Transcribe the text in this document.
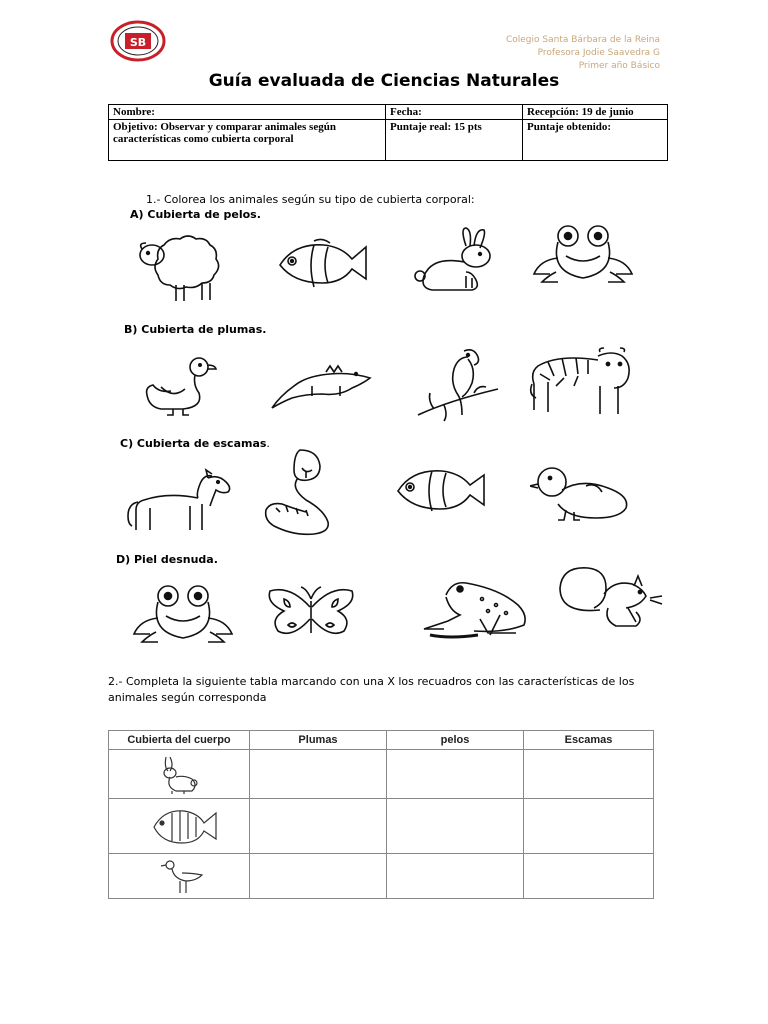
SB	Colegio Santa Bárbara de la Reina
Profesora Jodie Saavedra G
Primer año Básico
Guía evaluada de Ciencias Naturales
Nombre:	Fecha:	Recepción: 19 de junio
Objetivo: Observar y comparar animales según características como cubierta corporal	Puntaje real: 15 pts	Puntaje obtenido:
1.- Colorea los animales según su tipo de cubierta corporal:
A) Cubierta de pelos.
B) Cubierta de plumas.
C) Cubierta de escamas.
D) Piel desnuda.
2.- Completa la siguiente tabla marcando con una X los recuadros con las características de los animales según corresponda
Cubierta del cuerpo	Plumas	pelos	Escamas
